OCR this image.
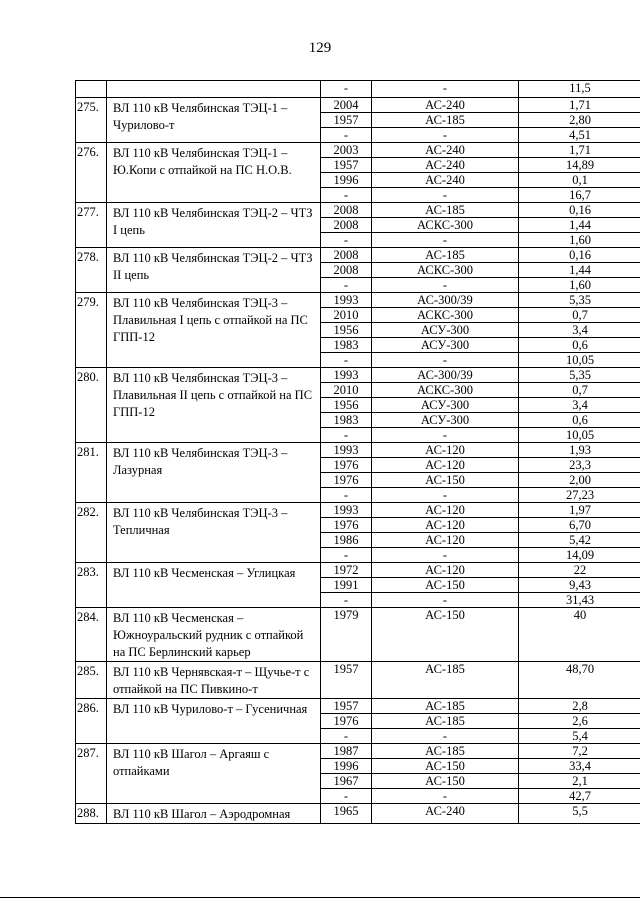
129
		-	-	11,5
275.	ВЛ 110 кВ Челябинская ТЭЦ-1 – Чурилово-т	2004	АС-240	1,71
		1957	АС-185	2,80
		-	-	4,51
276.	ВЛ 110 кВ Челябинская ТЭЦ-1 – Ю.Копи с отпайкой на ПС Н.О.В.	2003	АС-240	1,71
		1957	АС-240	14,89
		1996	АС-240	0,1
		-	-	16,7
277.	ВЛ 110 кВ Челябинская ТЭЦ-2 – ЧТЗ I цепь	2008	АС-185	0,16
		2008	АСКС-300	1,44
		-	-	1,60
278.	ВЛ 110 кВ Челябинская ТЭЦ-2 – ЧТЗ II цепь	2008	АС-185	0,16
		2008	АСКС-300	1,44
		-	-	1,60
279.	ВЛ 110 кВ Челябинская ТЭЦ-3 – Плавильная I цепь с отпайкой на ПС ГПП-12	1993	АС-300/39	5,35
		2010	АСКС-300	0,7
		1956	АСУ-300	3,4
		1983	АСУ-300	0,6
		-	-	10,05
280.	ВЛ 110 кВ Челябинская ТЭЦ-3 – Плавильная II цепь с отпайкой на ПС ГПП-12	1993	АС-300/39	5,35
		2010	АСКС-300	0,7
		1956	АСУ-300	3,4
		1983	АСУ-300	0,6
		-	-	10,05
281.	ВЛ 110 кВ Челябинская ТЭЦ-3 – Лазурная	1993	АС-120	1,93
		1976	АС-120	23,3
		1976	АС-150	2,00
		-	-	27,23
282.	ВЛ 110 кВ Челябинская ТЭЦ-3 – Тепличная	1993	АС-120	1,97
		1976	АС-120	6,70
		1986	АС-120	5,42
		-	-	14,09
283.	ВЛ 110 кВ Чесменская – Углицкая	1972	АС-120	22
		1991	АС-150	9,43
		-	-	31,43
284.	ВЛ 110 кВ Чесменская – Южноуральский рудник с отпайкой на ПС Берлинский карьер	1979	АС-150	40
285.	ВЛ 110 кВ Чернявская-т – Щучье-т с отпайкой на ПС Пивкино-т	1957	АС-185	48,70
286.	ВЛ 110 кВ Чурилово-т – Гусеничная	1957	АС-185	2,8
		1976	АС-185	2,6
		-	-	5,4
287.	ВЛ 110 кВ Шагол – Аргаяш с отпайками	1987	АС-185	7,2
		1996	АС-150	33,4
		1967	АС-150	2,1
		-	-	42,7
288.	ВЛ 110 кВ Шагол – Аэродромная	1965	АС-240	5,5
